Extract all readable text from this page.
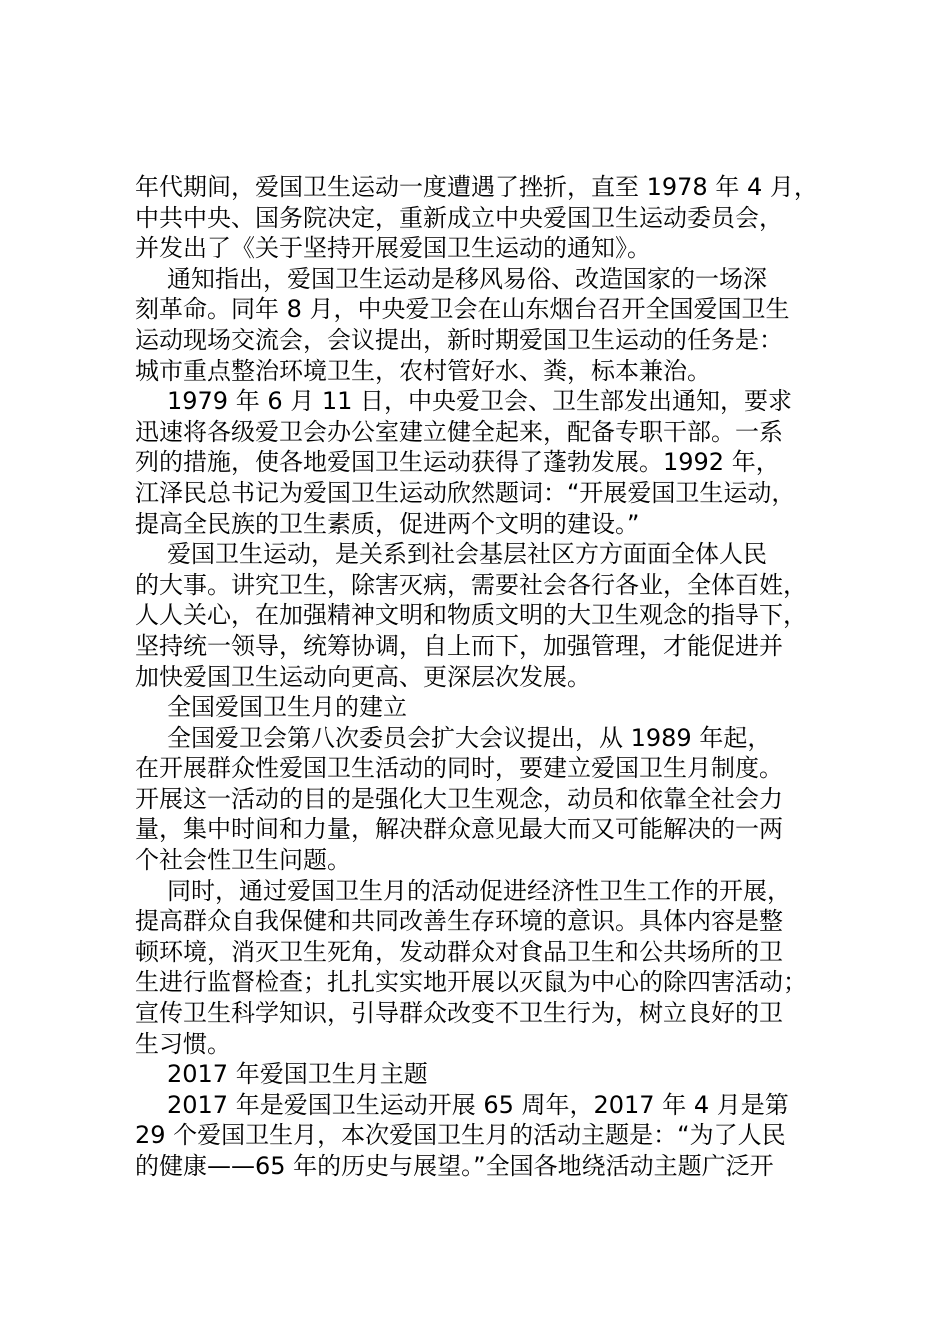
年代期间，爱国卫生运动一度遭遇了挫折，直至 1978 年 4 月，
中共中央、国务院决定，重新成立中央爱国卫生运动委员会，
并发出了《关于坚持开展爱国卫生运动的通知》。
通知指出，爱国卫生运动是移风易俗、改造国家的一场深
刻革命。同年 8 月，中央爱卫会在山东烟台召开全国爱国卫生
运动现场交流会，会议提出，新时期爱国卫生运动的任务是：
城市重点整治环境卫生，农村管好水、粪，标本兼治。
1979 年 6 月 11 日，中央爱卫会、卫生部发出通知，要求
迅速将各级爱卫会办公室建立健全起来，配备专职干部。一系
列的措施，使各地爱国卫生运动获得了蓬勃发展。1992 年，
江泽民总书记为爱国卫生运动欣然题词：“开展爱国卫生运动，
提高全民族的卫生素质，促进两个文明的建设。”
爱国卫生运动，是关系到社会基层社区方方面面全体人民
的大事。讲究卫生，除害灭病，需要社会各行各业，全体百姓，
人人关心，在加强精神文明和物质文明的大卫生观念的指导下，
坚持统一领导，统筹协调，自上而下，加强管理，才能促进并
加快爱国卫生运动向更高、更深层次发展。
全国爱国卫生月的建立
全国爱卫会第八次委员会扩大会议提出，从 1989 年起，
在开展群众性爱国卫生活动的同时，要建立爱国卫生月制度。
开展这一活动的目的是强化大卫生观念，动员和依靠全社会力
量，集中时间和力量，解决群众意见最大而又可能解决的一两
个社会性卫生问题。
同时，通过爱国卫生月的活动促进经济性卫生工作的开展，
提高群众自我保健和共同改善生存环境的意识。具体内容是整
顿环境，消灭卫生死角，发动群众对食品卫生和公共场所的卫
生进行监督检查；扎扎实实地开展以灭鼠为中心的除四害活动；
宣传卫生科学知识，引导群众改变不卫生行为，树立良好的卫
生习惯。
2017 年爱国卫生月主题
2017 年是爱国卫生运动开展 65 周年，2017 年 4 月是第
29 个爱国卫生月，本次爱国卫生月的活动主题是：“为了人民
的健康——65 年的历史与展望。”全国各地绕活动主题广泛开
